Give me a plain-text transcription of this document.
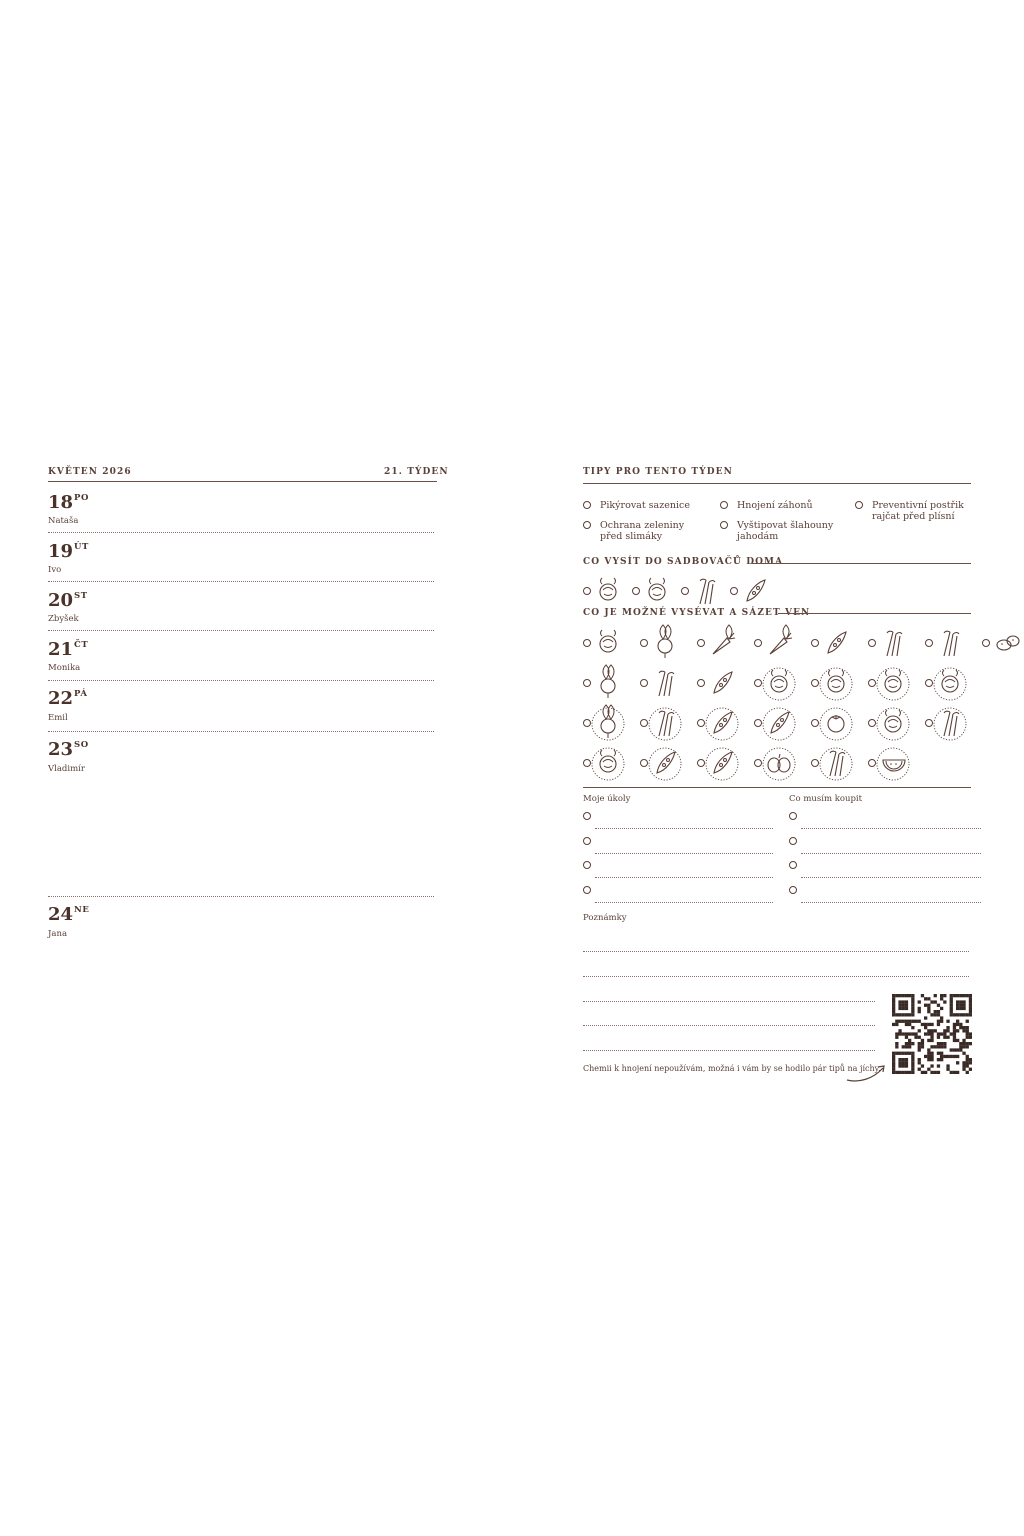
KVĚTEN 2026	21. TÝDEN
18 PO
Nataša
19 ÚT
Ivo
20 ST
Zbyšek
21 ČT
Monika
22 PÁ
Emil
23 SO
Vladimír
24 NE
Jana
TIPY PRO TENTO TÝDEN
Pikýrovat sazenice	Hnojení záhonů	Preventivní postřik rajčat před plísní
Ochrana zeleniny před slimáky
Vyštipovat šlahouny jahodám
CO VYSÍT DO SADBOVAČŮ DOMA
CO JE MOŽNÉ VYSÉVAT A SÁZET VEN
Moje úkoly	Co musím koupit
Poznámky
Chemii k hnojení nepoužívám, možná i vám by se hodilo pár tipů na jíchy.
